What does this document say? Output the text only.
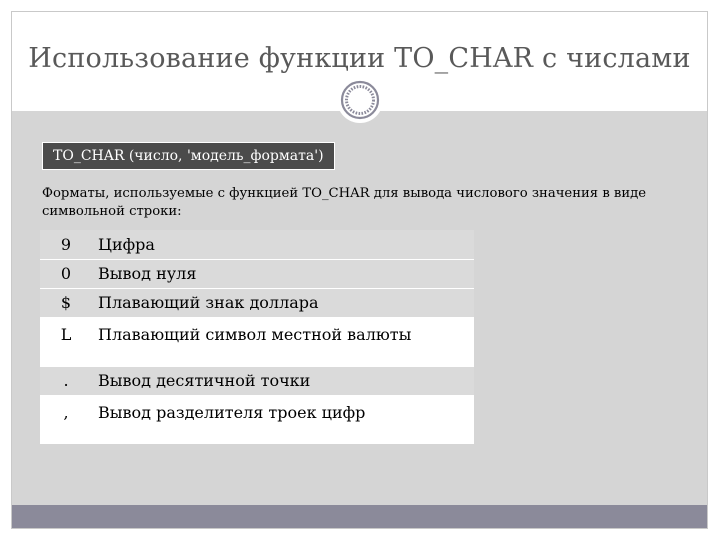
Использование функции TO_CHAR с числами
TO_CHAR (число, 'модель_формата')
Форматы, используемые с функцией TO_CHAR для вывода числового значения в виде символьной строки:
9	Цифра
0	Вывод нуля
$	Плавающий знак доллара
L	Плавающий символ местной валюты
.	Вывод десятичной точки
,	Вывод разделителя троек цифр
